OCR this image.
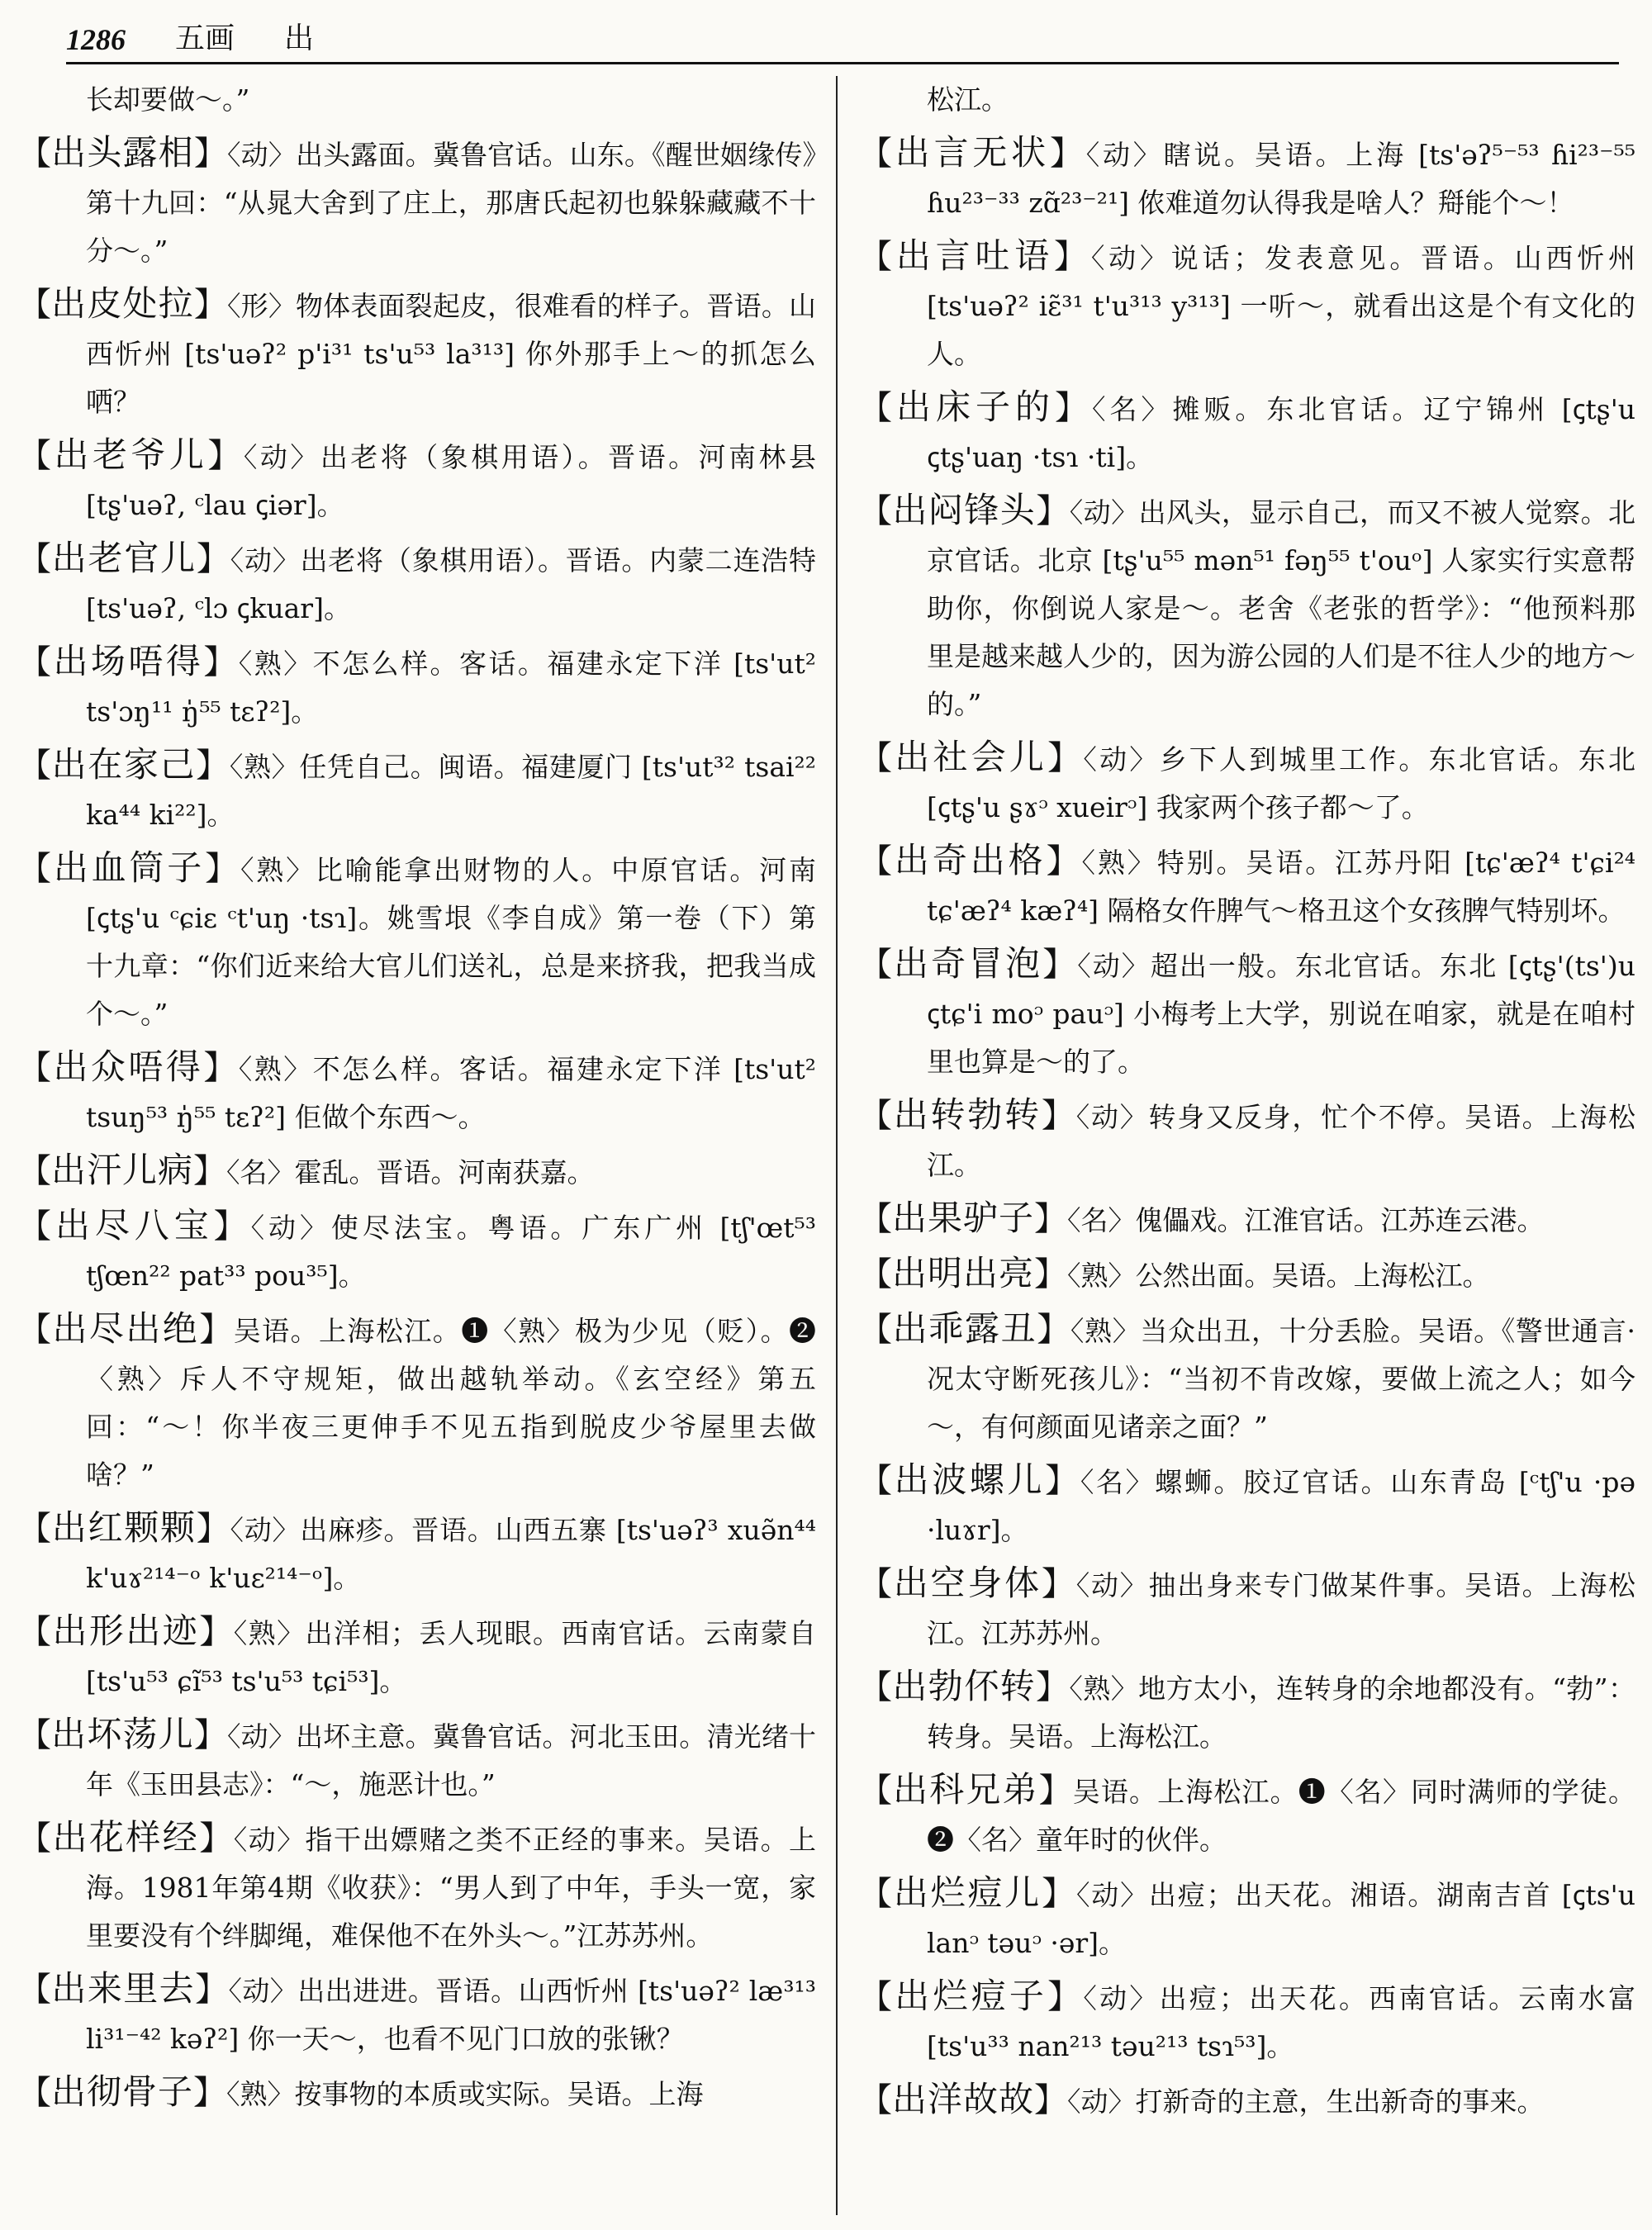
1286 五画 出

长却要做～。”

【出头露相】〈动〉出头露面。冀鲁官话。山东。《醒世姻缘传》第十九回：“从晁大舍到了庄上，那唐氏起初也躲躲藏藏不十分～。”

【出皮处拉】〈形〉物体表面裂起皮，很难看的样子。晋语。山西忻州 [ts'uəʔ² p'i³¹ ts'u⁵³ la³¹³] 你外那手上～的抓怎么哂？

【出老爷儿】〈动〉出老将（象棋用语）。晋语。河南林县 [tʂ'uəʔ, ᶜlau ꞔiər]。

【出老官儿】〈动〉出老将（象棋用语）。晋语。内蒙二连浩特 [ts'uəʔ, ᶜlɔ ꞔkuar]。

【出场唔得】〈熟〉不怎么样。客话。福建永定下洋 [ts'ut² ts'ɔŋ¹¹ ŋ̍⁵⁵ tɛʔ²]。

【出在家己】〈熟〉任凭自己。闽语。福建厦门 [ts'ut³² tsai²² ka⁴⁴ ki²²]。

【出血筒子】〈熟〉比喻能拿出财物的人。中原官话。河南 [ꞔtʂ'u ᶜɕiɛ ᶜt'uŋ ·tsɿ]。姚雪垠《李自成》第一卷（下）第十九章：“你们近来给大官儿们送礼，总是来挤我，把我当成个～。”

【出众唔得】〈熟〉不怎么样。客话。福建永定下洋 [ts'ut² tsuŋ⁵³ ŋ̍⁵⁵ tɛʔ²] 佢做个东西～。

【出汗儿病】〈名〉霍乱。晋语。河南获嘉。

【出尽八宝】〈动〉使尽法宝。粤语。广东广州 [tʃ'œt⁵³ tʃœn²² pat³³ pou³⁵]。

【出尽出绝】吴语。上海松江。❶〈熟〉极为少见（贬）。❷〈熟〉斥人不守规矩，做出越轨举动。《玄空经》第五回：“～！你半夜三更伸手不见五指到脱皮少爷屋里去做啥？”

【出红颗颗】〈动〉出麻疹。晋语。山西五寨 [ts'uəʔ³ xuə̃n⁴⁴ k'uɤ²¹⁴⁻ᵒ k'uɛ²¹⁴⁻ᵒ]。

【出形出迹】〈熟〉出洋相；丢人现眼。西南官话。云南蒙自 [ts'u⁵³ ɕĩ⁵³ ts'u⁵³ tɕi⁵³]。

【出坏荡儿】〈动〉出坏主意。冀鲁官话。河北玉田。清光绪十年《玉田县志》：“～，施恶计也。”

【出花样经】〈动〉指干出嫖赌之类不正经的事来。吴语。上海。1981年第4期《收获》：“男人到了中年，手头一宽，家里要没有个绊脚绳，难保他不在外头～。”江苏苏州。

【出来里去】〈动〉出出进进。晋语。山西忻州 [ts'uəʔ² læ³¹³ li³¹⁻⁴² kəʔ²] 你一天～，也看不见门口放的张锹？

【出彻骨子】〈熟〉按事物的本质或实际。吴语。上海

松江。

【出言无状】〈动〉瞎说。吴语。上海 [ts'əʔ⁵⁻⁵³ ɦi²³⁻⁵⁵ ɦu²³⁻³³ zɑ̃²³⁻²¹] 侬难道勿认得我是啥人？搿能个～！

【出言吐语】〈动〉说话；发表意见。晋语。山西忻州 [ts'uəʔ² iɛ̃³¹ t'u³¹³ y³¹³] 一听～，就看出这是个有文化的人。

【出床子的】〈名〉摊贩。东北官话。辽宁锦州 [ꞔtʂ'u ꞔtʂ'uaŋ ·tsɿ ·ti]。

【出闷锋头】〈动〉出风头，显示自己，而又不被人觉察。北京官话。北京 [tʂ'u⁵⁵ mən⁵¹ fəŋ⁵⁵ t'ouᵒ] 人家实行实意帮助你，你倒说人家是～。老舍《老张的哲学》：“他预料那里是越来越人少的，因为游公园的人们是不往人少的地方～的。”

【出社会儿】〈动〉乡下人到城里工作。东北官话。东北 [ꞔtʂ'u ʂɤᵓ xueirᵓ] 我家两个孩子都～了。

【出奇出格】〈熟〉特别。吴语。江苏丹阳 [tɕ'æʔ⁴ t'ɕi²⁴ tɕ'æʔ⁴ kæʔ⁴] 隔格女仵脾气～格丑这个女孩脾气特别坏。

【出奇冒泡】〈动〉超出一般。东北官话。东北 [ꞔtʂ'(ts')u ꞔtɕ'i moᵓ pauᵓ] 小梅考上大学，别说在咱家，就是在咱村里也算是～的了。

【出转勃转】〈动〉转身又反身，忙个不停。吴语。上海松江。

【出果驴子】〈名〉傀儡戏。江淮官话。江苏连云港。

【出明出亮】〈熟〉公然出面。吴语。上海松江。

【出乖露丑】〈熟〉当众出丑，十分丢脸。吴语。《警世通言·况太守断死孩儿》：“当初不肯改嫁，要做上流之人；如今～，有何颜面见诸亲之面？”

【出波螺儿】〈名〉螺蛳。胶辽官话。山东青岛 [ᶜtʃ'u ·pə ·luɤr]。

【出空身体】〈动〉抽出身来专门做某件事。吴语。上海松江。江苏苏州。

【出勃伓转】〈熟〉地方太小，连转身的余地都没有。“勃”：转身。吴语。上海松江。

【出科兄弟】吴语。上海松江。❶〈名〉同时满师的学徒。❷〈名〉童年时的伙伴。

【出烂痘儿】〈动〉出痘；出天花。湘语。湖南吉首 [ꞔts'u lanᵓ təuᵓ ·ər]。

【出烂痘子】〈动〉出痘；出天花。西南官话。云南水富 [ts'u³³ nan²¹³ təu²¹³ tsɿ⁵³]。

【出洋故故】〈动〉打新奇的主意，生出新奇的事来。
